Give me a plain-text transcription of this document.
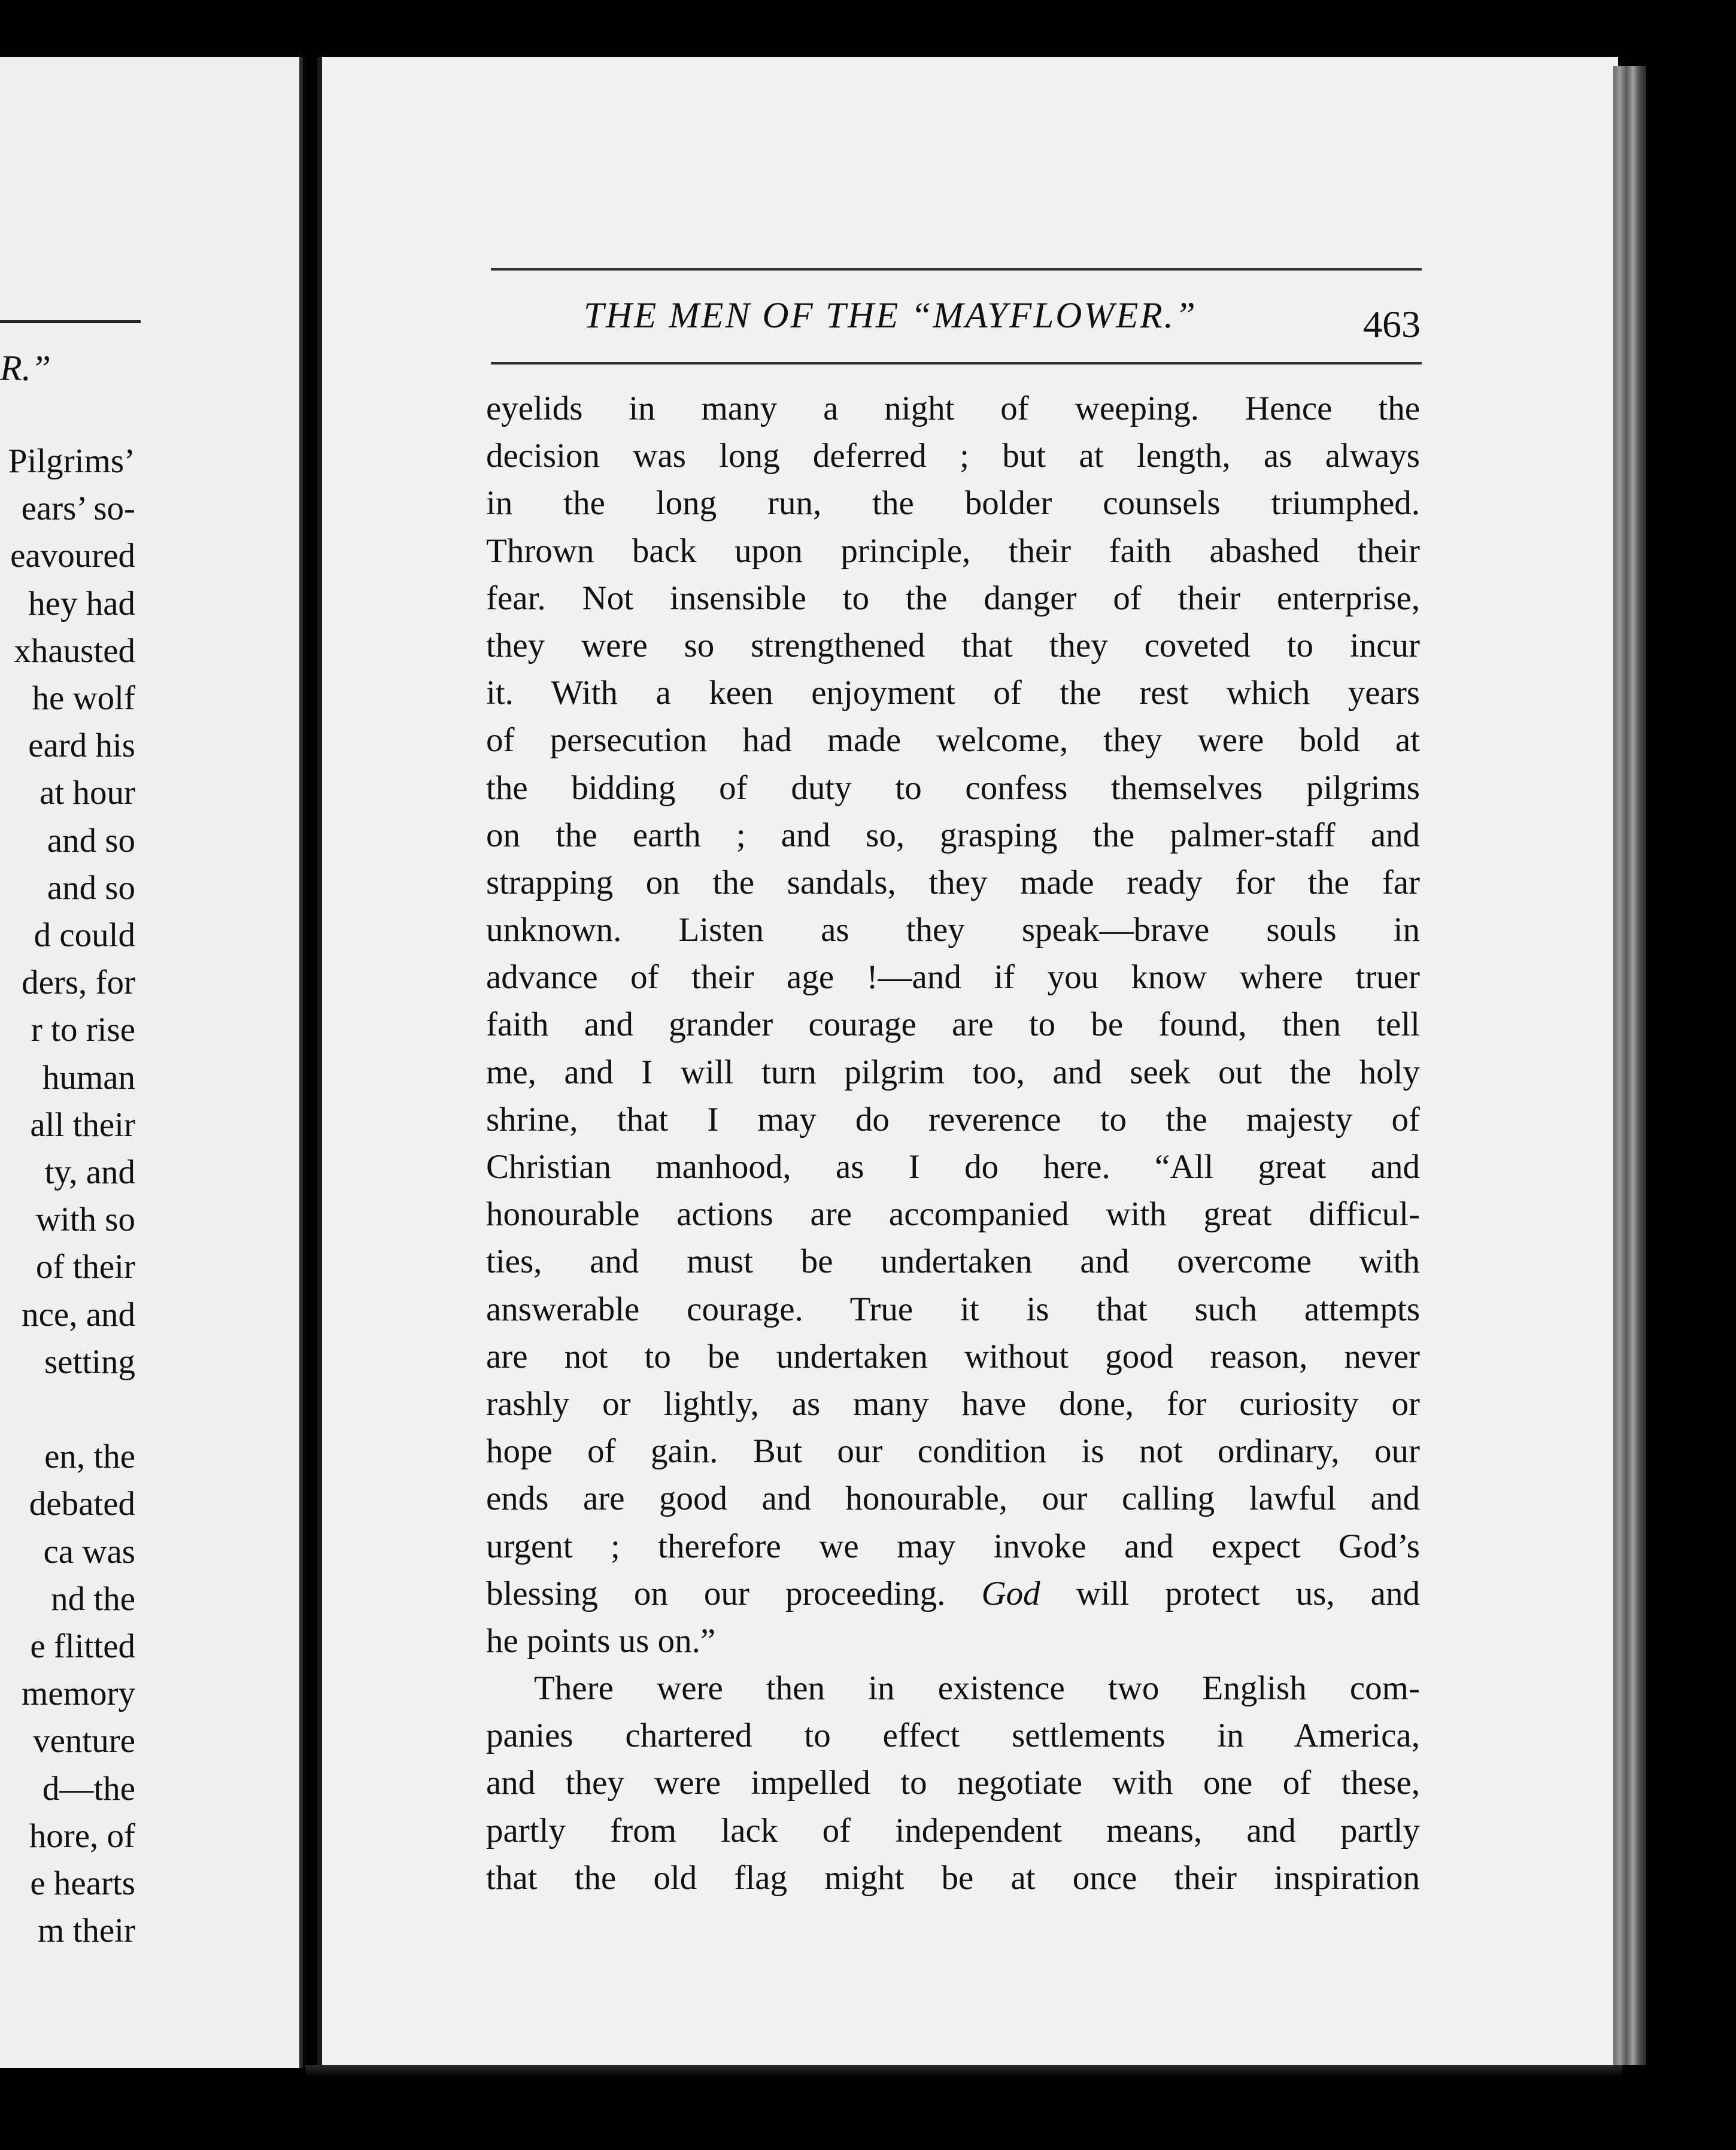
R.”
Pilgrims’
ears’ so-
eavoured
hey had
xhausted
he wolf
eard his
at hour
and so
and so
d could
ders, for
r to rise
human
all their
ty, and
with so
of their
nce, and
setting

en, the
debated
ca was
nd the
e flitted
memory
venture
d—the
hore, of
e hearts
m their
THE MEN OF THE “MAYFLOWER.”	463
eyelids in many a night of weeping. Hence the
decision was long deferred ; but at length, as always
in the long run, the bolder counsels triumphed.
Thrown back upon principle, their faith abashed their
fear. Not insensible to the danger of their enterprise,
they were so strengthened that they coveted to incur
it. With a keen enjoyment of the rest which years
of persecution had made welcome, they were bold at
the bidding of duty to confess themselves pilgrims
on the earth ; and so, grasping the palmer-staff and
strapping on the sandals, they made ready for the far
unknown. Listen as they speak—brave souls in
advance of their age !—and if you know where truer
faith and grander courage are to be found, then tell
me, and I will turn pilgrim too, and seek out the holy
shrine, that I may do reverence to the majesty of
Christian manhood, as I do here. “All great and
honourable actions are accompanied with great difficul-
ties, and must be undertaken and overcome with
answerable courage. True it is that such attempts
are not to be undertaken without good reason, never
rashly or lightly, as many have done, for curiosity or
hope of gain. But our condition is not ordinary, our
ends are good and honourable, our calling lawful and
urgent ; therefore we may invoke and expect God’s
blessing on our proceeding. God will protect us, and
he points us on.”
There were then in existence two English com-
panies chartered to effect settlements in America,
and they were impelled to negotiate with one of these,
partly from lack of independent means, and partly
that the old flag might be at once their inspiration
